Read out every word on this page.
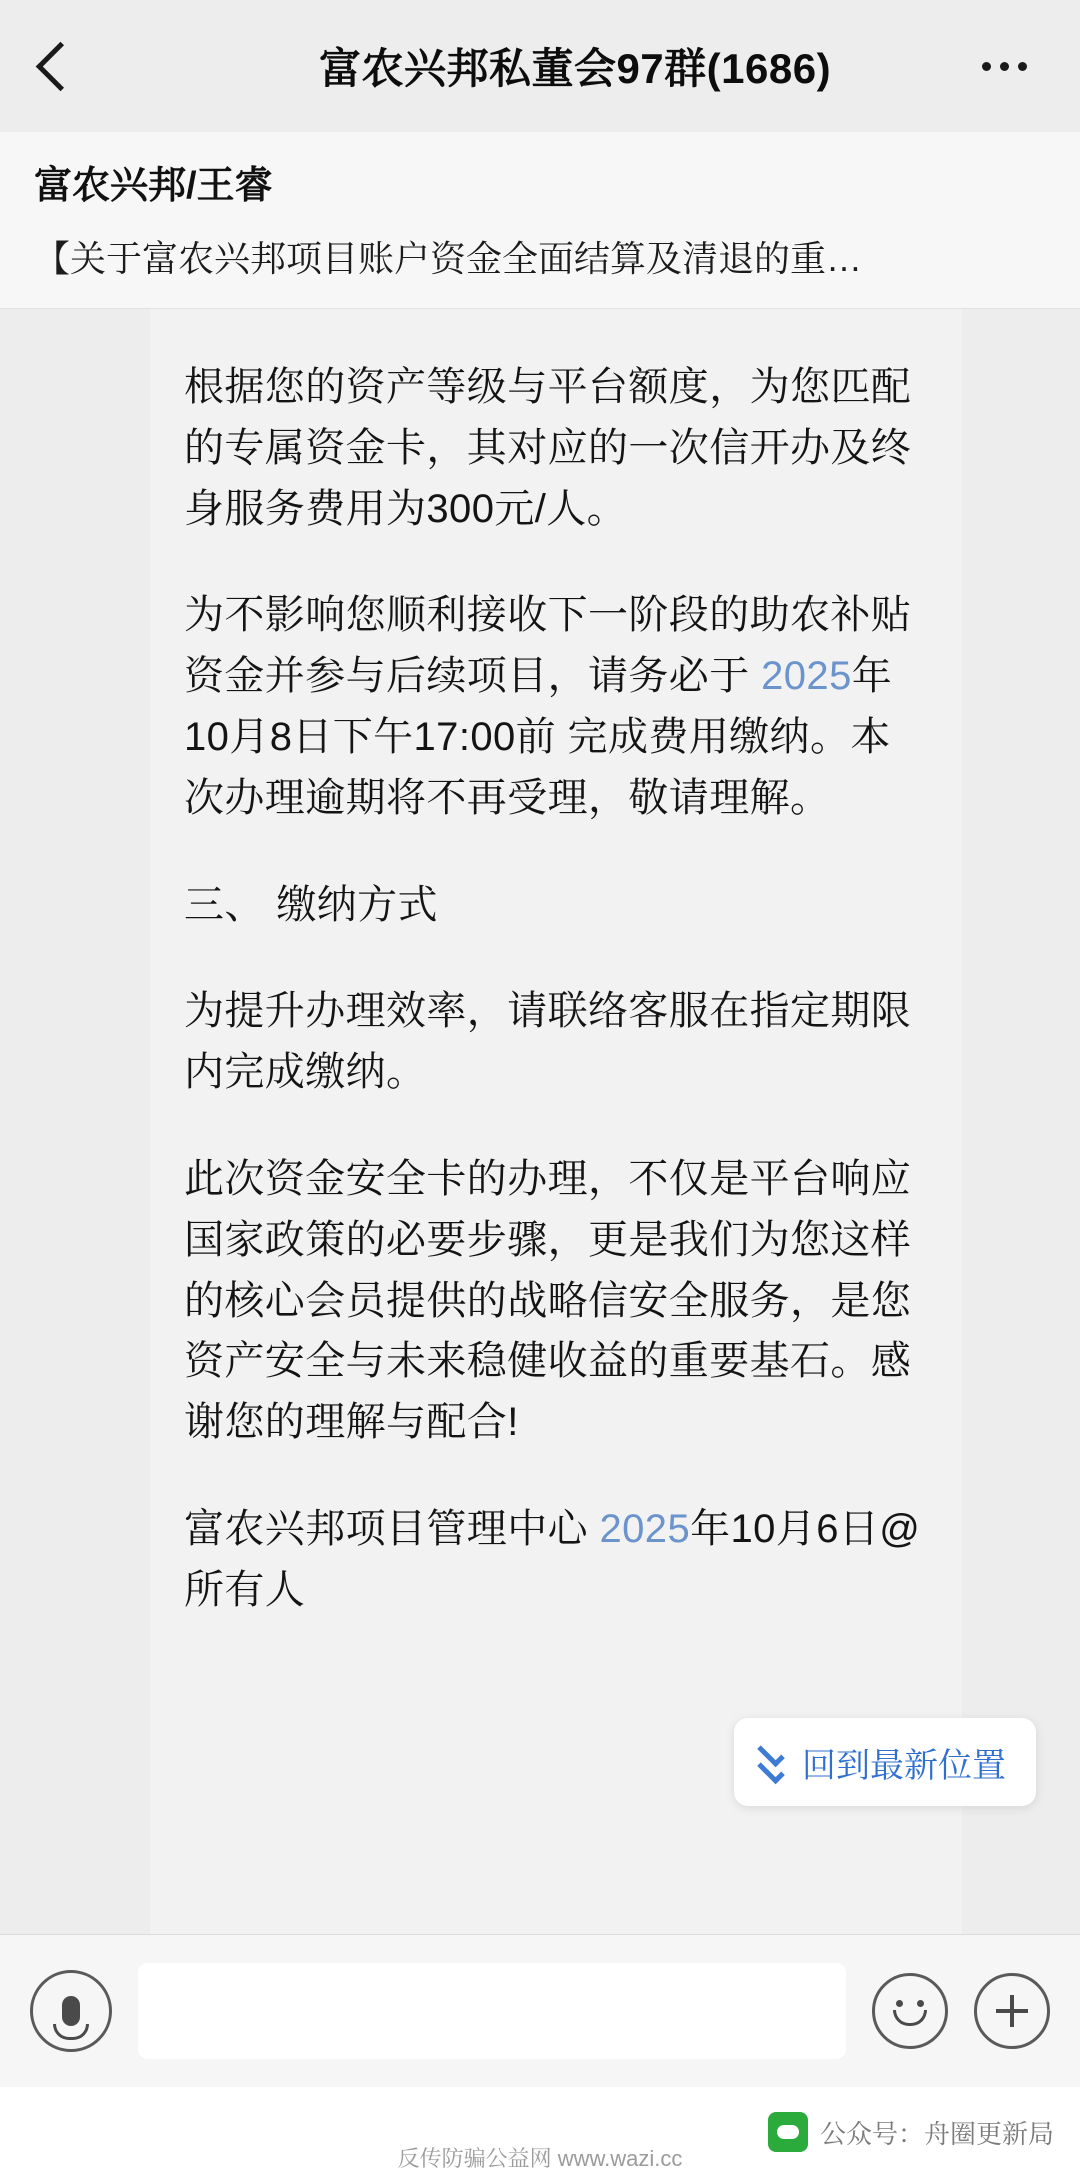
富农兴邦私董会97群(1686)
富农兴邦/王睿
【关于富农兴邦项目账户资金全面结算及清退的重…

根据您的资产等级与平台额度，为您匹配的专属资金卡，其对应的一次信开办及终身服务费用为300元/人。

为不影响您顺利接收下一阶段的助农补贴资金并参与后续项目，请务必于 2025年10月8日下午17:00前 完成费用缴纳。本次办理逾期将不再受理，敬请理解。

三、 缴纳方式

为提升办理效率，请联络客服在指定期限内完成缴纳。

此次资金安全卡的办理，不仅是平台响应国家政策的必要步骤，更是我们为您这样的核心会员提供的战略信安全服务，是您资产安全与未来稳健收益的重要基石。感谢您的理解与配合!

富农兴邦项目管理中心 2025年10月6日@所有人

回到最新位置
反传防骗公益网 www.wazi.cc
公众号：舟圈更新局
